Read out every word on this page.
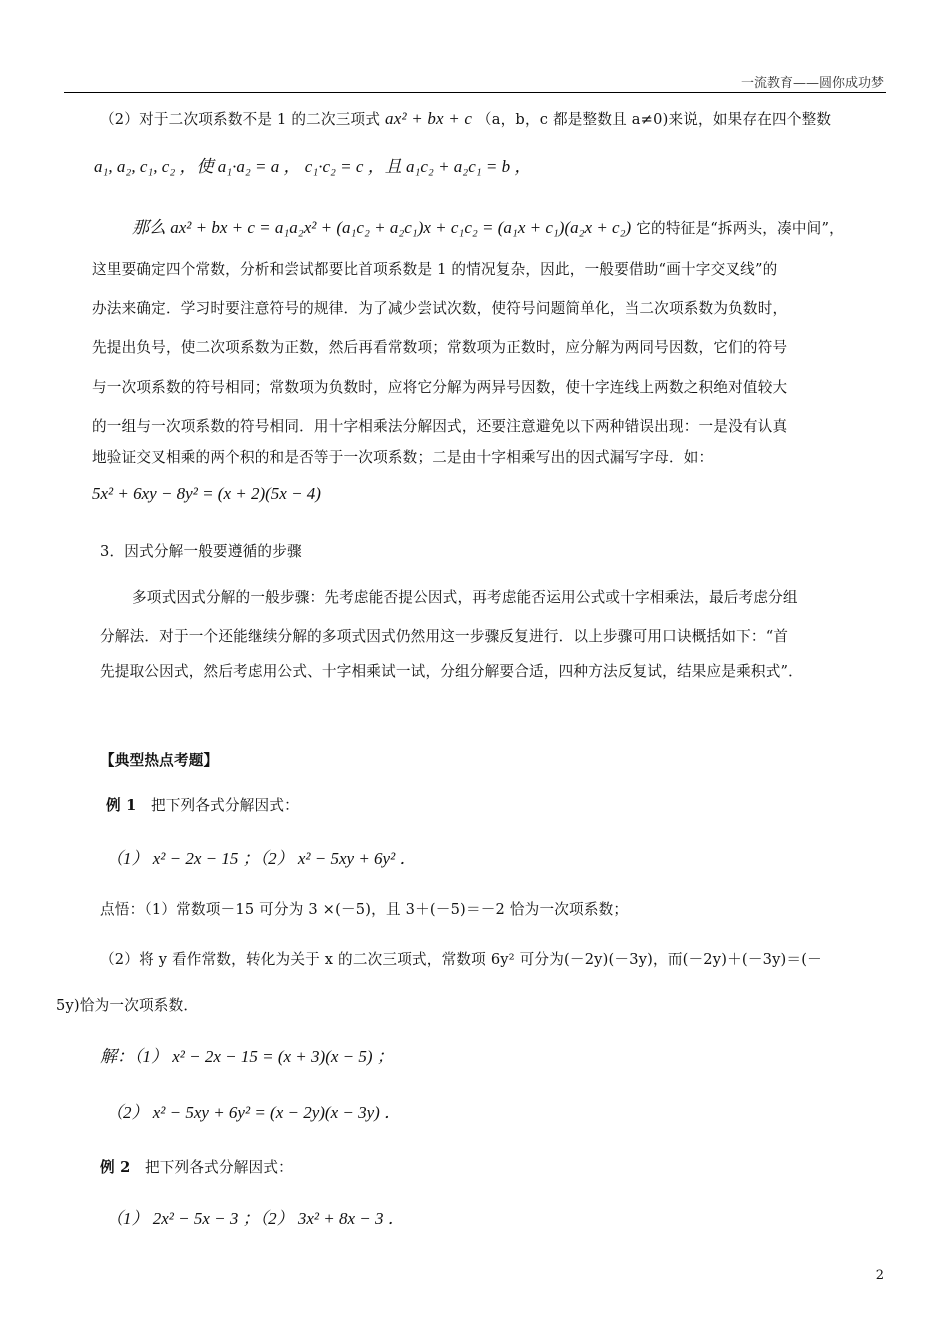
一流教育——圆你成功梦
（2）对于二次项系数不是 1 的二次三项式 ax² + bx + c （a，b，c 都是整数且 a≠0)来说，如果存在四个整数
a₁, a₂, c₁, c₂ ，使 a₁·a₂ = a ， c₁·c₂ = c ，且 a₁c₂ + a₂c₁ = b ，
那么 ax² + bx + c = a₁a₂x² + (a₁c₂ + a₂c₁)x + c₁c₂ = (a₁x + c₁)(a₂x + c₂) 它的特征是“拆两头，凑中间”，
这里要确定四个常数，分析和尝试都要比首项系数是 1 的情况复杂，因此，一般要借助“画十字交叉线”的
办法来确定．学习时要注意符号的规律．为了减少尝试次数，使符号问题简单化，当二次项系数为负数时，
先提出负号，使二次项系数为正数，然后再看常数项；常数项为正数时，应分解为两同号因数，它们的符号
与一次项系数的符号相同；常数项为负数时，应将它分解为两异号因数，使十字连线上两数之积绝对值较大
的一组与一次项系数的符号相同．用十字相乘法分解因式，还要注意避免以下两种错误出现：一是没有认真
地验证交叉相乘的两个积的和是否等于一次项系数；二是由十字相乘写出的因式漏写字母．如：
5x² + 6xy − 8y² = (x + 2)(5x − 4)
3．因式分解一般要遵循的步骤
多项式因式分解的一般步骤：先考虑能否提公因式，再考虑能否运用公式或十字相乘法，最后考虑分组
分解法．对于一个还能继续分解的多项式因式仍然用这一步骤反复进行．以上步骤可用口诀概括如下：“首
先提取公因式，然后考虑用公式、十字相乘试一试，分组分解要合适，四种方法反复试，结果应是乘积式”．
【典型热点考题】
例 1 把下列各式分解因式：
（1） x² − 2x − 15 ；（2） x² − 5xy + 6y² ．
点悟：（1）常数项－15 可分为 3 ×(－5)，且 3＋(－5)＝－2 恰为一次项系数；
（2）将 y 看作常数，转化为关于 x 的二次三项式，常数项 6y² 可分为(－2y)(－3y)，而(－2y)＋(－3y)＝(－
5y)恰为一次项系数．
解：（1） x² − 2x − 15 = (x + 3)(x − 5) ；
（2） x² − 5xy + 6y² = (x − 2y)(x − 3y) ．
例 2 把下列各式分解因式：
（1） 2x² − 5x − 3 ；（2） 3x² + 8x − 3 ．
2
